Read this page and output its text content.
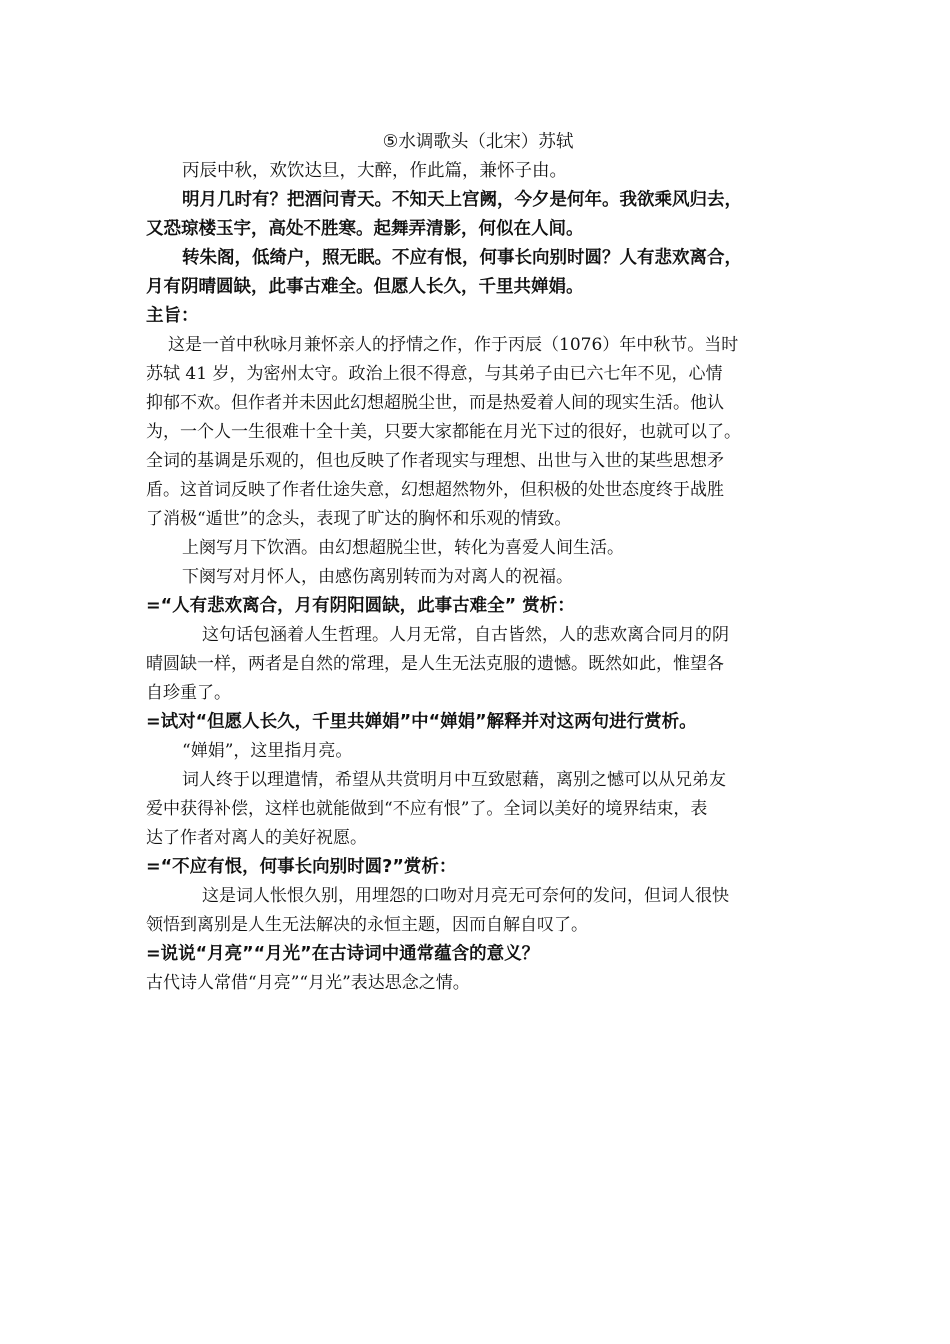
⑤水调歌头（北宋）苏轼
丙辰中秋，欢饮达旦，大醉，作此篇，兼怀子由。
明月几时有？把酒问青天。不知天上宫阙，今夕是何年。我欲乘风归去，
又恐琼楼玉宇，高处不胜寒。起舞弄清影，何似在人间。
转朱阁，低绮户，照无眠。不应有恨，何事长向别时圆？人有悲欢离合，
月有阴晴圆缺，此事古难全。但愿人长久，千里共婵娟。
主旨：
这是一首中秋咏月兼怀亲人的抒情之作，作于丙辰（1076）年中秋节。当时
苏轼 41 岁，为密州太守。政治上很不得意，与其弟子由已六七年不见，心情
抑郁不欢。但作者并未因此幻想超脱尘世，而是热爱着人间的现实生活。他认
为，一个人一生很难十全十美，只要大家都能在月光下过的很好，也就可以了。
全词的基调是乐观的，但也反映了作者现实与理想、出世与入世的某些思想矛
盾。这首词反映了作者仕途失意，幻想超然物外，但积极的处世态度终于战胜
了消极“遁世”的念头，表现了旷达的胸怀和乐观的情致。
上阕写月下饮酒。由幻想超脱尘世，转化为喜爱人间生活。
下阕写对月怀人，由感伤离别转而为对离人的祝福。
=“人有悲欢离合，月有阴阳圆缺，此事古难全” 赏析：
这句话包涵着人生哲理。人月无常，自古皆然，人的悲欢离合同月的阴
晴圆缺一样，两者是自然的常理，是人生无法克服的遗憾。既然如此，惟望各
自珍重了。
=试对“但愿人长久，千里共婵娟”中“婵娟”解释并对这两句进行赏析。
“婵娟”，这里指月亮。
词人终于以理遣情，希望从共赏明月中互致慰藉，离别之憾可以从兄弟友
爱中获得补偿，这样也就能做到“不应有恨”了。全词以美好的境界结束，表
达了作者对离人的美好祝愿。
=“不应有恨，何事长向别时圆?”赏析：
这是词人怅恨久别，用埋怨的口吻对月亮无可奈何的发问，但词人很快
领悟到离别是人生无法解决的永恒主题，因而自解自叹了。
=说说“月亮”“月光”在古诗词中通常蕴含的意义？
古代诗人常借“月亮”“月光”表达思念之情。
